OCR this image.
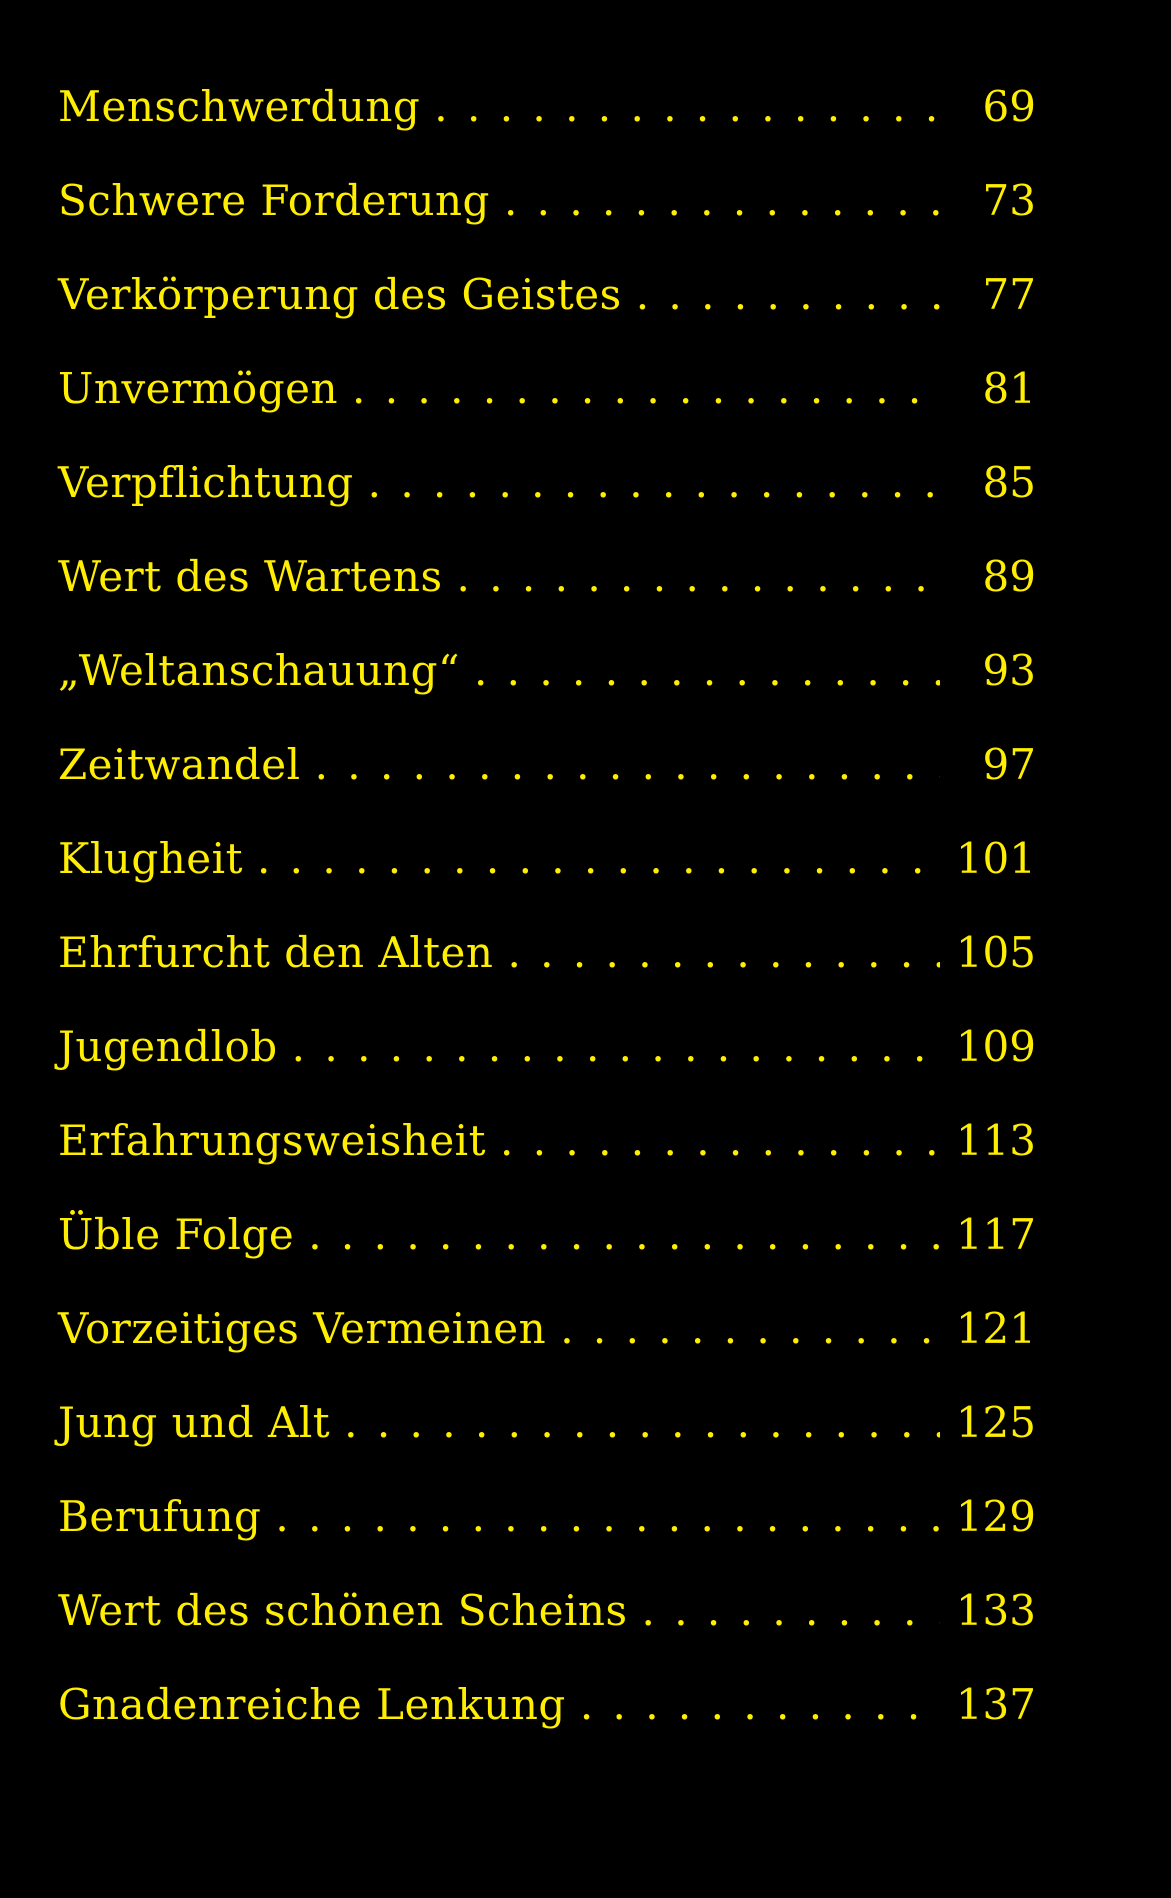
Menschwerdung . . .	69
Schwere Forderung . . .	73
Verkörperung des Geistes . . .	77
Unvermögen . . .	81
Verpflichtung . . .	85
Wert des Wartens . . .	89
„Weltanschauung“ . . .	93
Zeitwandel . . .	97
Klugheit . . .	101
Ehrfurcht den Alten . . .	105
Jugendlob . . .	109
Erfahrungsweisheit . . .	113
Üble Folge . . .	117
Vorzeitiges Vermeinen . . .	121
Jung und Alt . . .	125
Berufung . . .	129
Wert des schönen Scheins . . .	133
Gnadenreiche Lenkung . . .	137
